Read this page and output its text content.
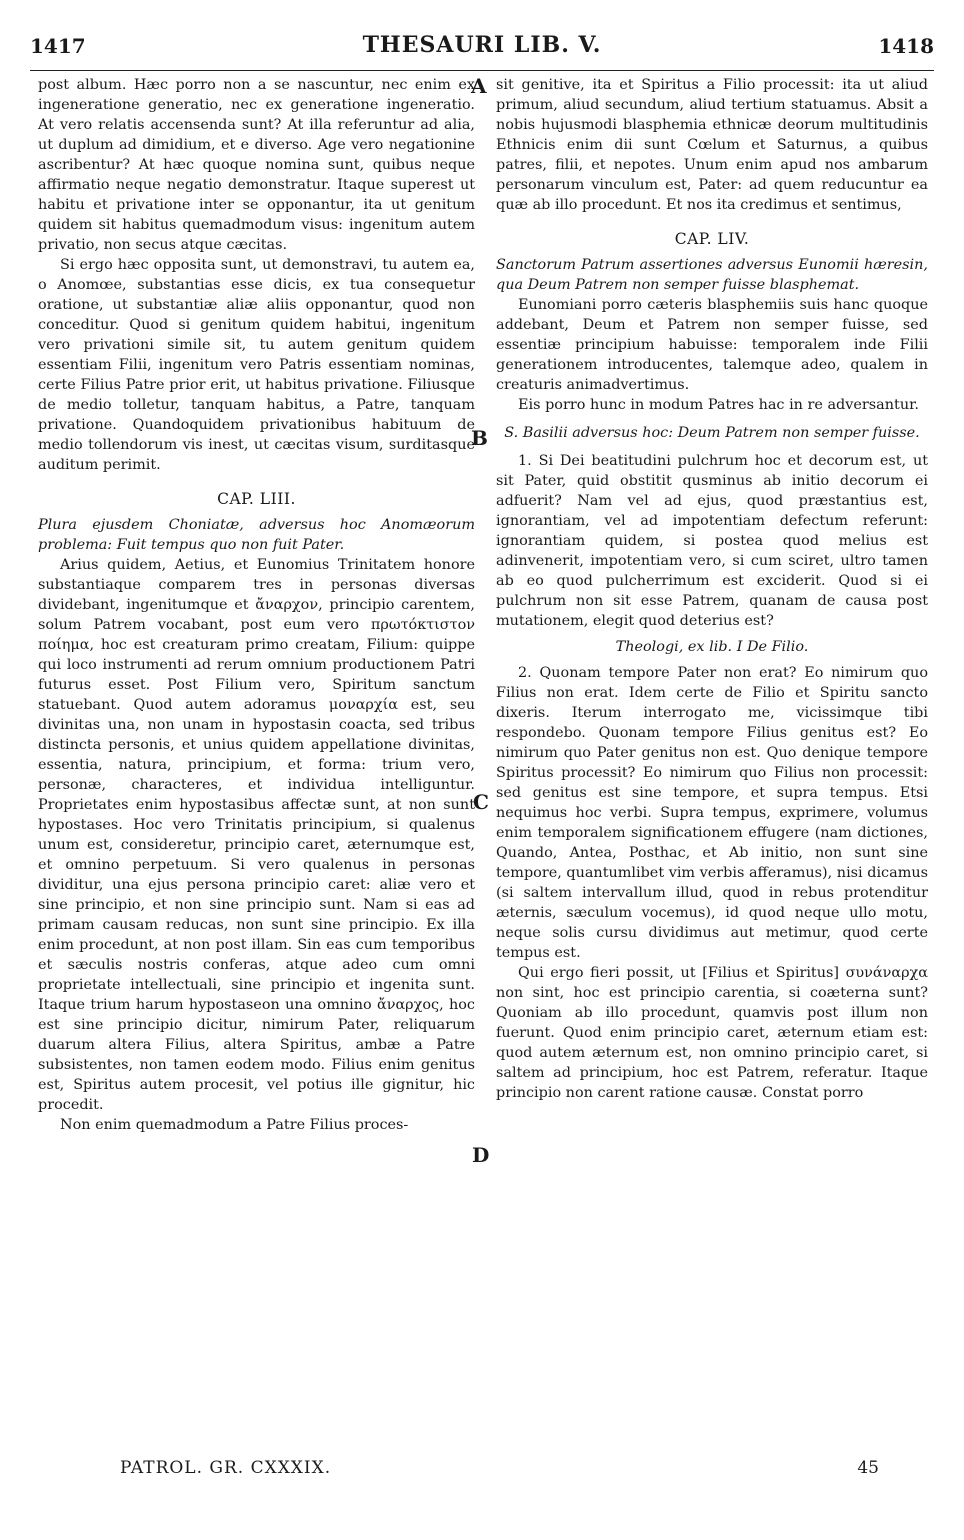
1417	THESAURI LIB. V.	1418
A
B
C
D

post album. Hæc porro non a se nascuntur, nec enim ex ingeneratione generatio, nec ex generatione ingeneratio. At vero relatis accensenda sunt? At illa referuntur ad alia, ut duplum ad dimidium, et e diverso. Age vero negationine ascribentur? At hæc quoque nomina sunt, quibus neque affirmatio neque negatio demonstratur. Itaque superest ut habitu et privatione inter se opponantur, ita ut genitum quidem sit habitus quemadmodum visus: ingenitum autem privatio, non secus atque cæcitas.

Si ergo hæc opposita sunt, ut demonstravi, tu autem ea, o Anomœe, substantias esse dicis, ex tua consequetur oratione, ut substantiæ aliæ aliis opponantur, quod non conceditur. Quod si genitum quidem habitui, ingenitum vero privationi simile sit, tu autem genitum quidem essentiam Filii, ingenitum vero Patris essentiam nominas, certe Filius Patre prior erit, ut habitus privatione. Filiusque de medio tolletur, tanquam habitus, a Patre, tanquam privatione. Quandoquidem privationibus habituum de medio tollendorum vis inest, ut cæcitas visum, surditasque auditum perimit.

CAP. LIII.

Plura ejusdem Choniatæ, adversus hoc Anomæorum problema: Fuit tempus quo non fuit Pater.

Arius quidem, Aetius, et Eunomius Trinitatem honore substantiaque comparem tres in personas diversas dividebant, ingenitumque et ἄναρχον, principio carentem, solum Patrem vocabant, post eum vero πρωτόκτιστον ποίημα, hoc est creaturam primo creatam, Filium: quippe qui loco instrumenti ad rerum omnium productionem Patri futurus esset. Post Filium vero, Spiritum sanctum statuebant. Quod autem adoramus μοναρχία est, seu divinitas una, non unam in hypostasin coacta, sed tribus distincta personis, et unius quidem appellatione divinitas, essentia, natura, principium, et forma: trium vero, personæ, characteres, et individua intelliguntur. Proprietates enim hypostasibus affectæ sunt, at non sunt hypostases. Hoc vero Trinitatis principium, si qualenus unum est, consideretur, principio caret, æternumque est, et omnino perpetuum. Si vero qualenus in personas dividitur, una ejus persona principio caret: aliæ vero et sine principio, et non sine principio sunt. Nam si eas ad primam causam reducas, non sunt sine principio. Ex illa enim procedunt, at non post illam. Sin eas cum temporibus et sæculis nostris conferas, atque adeo cum omni proprietate intellectuali, sine principio et ingenita sunt. Itaque trium harum hypostaseon una omnino ἄναρχος, hoc est sine principio dicitur, nimirum Pater, reliquarum duarum altera Filius, altera Spiritus, ambæ a Patre subsistentes, non tamen eodem modo. Filius enim genitus est, Spiritus autem procesit, vel potius ille gignitur, hic procedit.

Non enim quemadmodum a Patre Filius proces-

sit genitive, ita et Spiritus a Filio processit: ita ut aliud primum, aliud secundum, aliud tertium statuamus. Absit a nobis hujusmodi blasphemia ethnicæ deorum multitudinis Ethnicis enim dii sunt Cœlum et Saturnus, a quibus patres, filii, et nepotes. Unum enim apud nos ambarum personarum vinculum est, Pater: ad quem reducuntur ea quæ ab illo procedunt. Et nos ita credimus et sentimus,

CAP. LIV.

Sanctorum Patrum assertiones adversus Eunomii hæresin, qua Deum Patrem non semper fuisse blasphemat.

Eunomiani porro cæteris blasphemiis suis hanc quoque addebant, Deum et Patrem non semper fuisse, sed essentiæ principium habuisse: temporalem inde Filii generationem introducentes, talemque adeo, qualem in creaturis animadvertimus.

Eis porro hunc in modum Patres hac in re adversantur.

S. Basilii adversus hoc: Deum Patrem non semper fuisse.

1. Si Dei beatitudini pulchrum hoc et decorum est, ut sit Pater, quid obstitit qusminus ab initio decorum ei adfuerit? Nam vel ad ejus, quod præstantius est, ignorantiam, vel ad impotentiam defectum referunt: ignorantiam quidem, si postea quod melius est adinvenerit, impotentiam vero, si cum sciret, ultro tamen ab eo quod pulcherrimum est exciderit. Quod si ei pulchrum non sit esse Patrem, quanam de causa post mutationem, elegit quod deterius est?

Theologi, ex lib. I De Filio.

2. Quonam tempore Pater non erat? Eo nimirum quo Filius non erat. Idem certe de Filio et Spiritu sancto dixeris. Iterum interrogato me, vicissimque tibi respondebo. Quonam tempore Filius genitus est? Eo nimirum quo Pater genitus non est. Quo denique tempore Spiritus processit? Eo nimirum quo Filius non processit: sed genitus est sine tempore, et supra tempus. Etsi nequimus hoc verbi. Supra tempus, exprimere, volumus enim temporalem significationem effugere (nam dictiones, Quando, Antea, Posthac, et Ab initio, non sunt sine tempore, quantumlibet vim verbis afferamus), nisi dicamus (si saltem intervallum illud, quod in rebus protenditur æternis, sæculum vocemus), id quod neque ullo motu, neque solis cursu dividimus aut metimur, quod certe tempus est.

Qui ergo fieri possit, ut [Filius et Spiritus] συνάναρχα non sint, hoc est principio carentia, si coæterna sunt? Quoniam ab illo procedunt, quamvis post illum non fuerunt. Quod enim principio caret, æternum etiam est: quod autem æternum est, non omnino principio caret, si saltem ad principium, hoc est Patrem, referatur. Itaque principio non carent ratione causæ. Constat porro

PATROL. GR. CXXXIX.	45
